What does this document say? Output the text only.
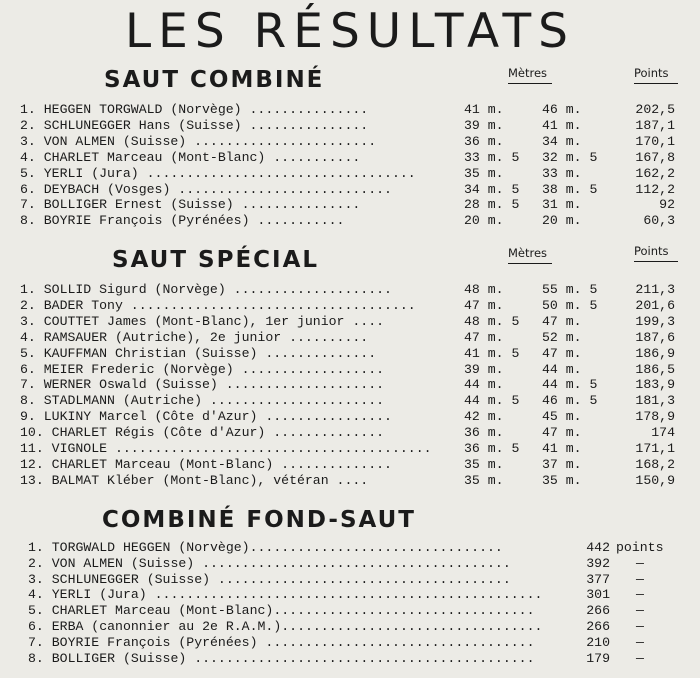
LES RÉSULTATS
SAUT COMBINÉ	Mètres	Points
1. HEGGEN TORGWALD (Norvège) ...............	41 m.	46 m.	202,5
2. SCHLUNEGGER Hans (Suisse) ...............	39 m.	41 m.	187,1
3. VON ALMEN (Suisse) .......................	36 m.	34 m.	170,1
4. CHARLET Marceau (Mont-Blanc) ...........	33 m. 5 32 m. 5	167,8
5. YERLI (Jura) ..................................	35 m.	33 m.	162,2
6. DEYBACH (Vosges) ...........................	34 m. 5 38 m. 5	112,2
7. BOLLIGER Ernest (Suisse) ...............	28 m. 5 31 m.	92
8. BOYRIE François (Pyrénées) ...........	20 m.	20 m.	60,3
SAUT SPÉCIAL	Mètres	Points
1. SOLLID Sigurd (Norvège) ....................	48 m.	55 m. 5	211,3
2. BADER Tony ....................................	47 m.	50 m. 5	201,6
3. COUTTET James (Mont-Blanc), 1er junior ....	48 m. 5 47 m.	199,3
4. RAMSAUER (Autriche), 2e junior ..........	47 m.	52 m.	187,6
5. KAUFFMAN Christian (Suisse) ..............	41 m. 5 47 m.	186,9
6. MEIER Frederic (Norvège) ..................	39 m.	44 m.	186,5
7. WERNER Oswald (Suisse) ....................	44 m.	44 m. 5	183,9
8. STADLMANN (Autriche) ......................	44 m. 5 46 m. 5	181,3
9. LUKINY Marcel (Côte d'Azur) ................	42 m.	45 m.	178,9
10. CHARLET Régis (Côte d'Azur) ..............	36 m.	47 m.	174
11. VIGNOLE ........................................	36 m. 5 41 m.	171,1
12. CHARLET Marceau (Mont-Blanc) ..............	35 m.	37 m.	168,2
13. BALMAT Kléber (Mont-Blanc), vétéran ....	35 m.	35 m.	150,9
COMBINÉ FOND-SAUT
1. TORGWALD HEGGEN (Norvège)................................	442 points
2. VON ALMEN (Suisse) .......................................	392 —
3. SCHLUNEGGER (Suisse) .....................................	377 —
4. YERLI (Jura) .................................................	301 —
5. CHARLET Marceau (Mont-Blanc).................................	266 —
6. ERBA (canonnier au 2e R.A.M.).................................	266 —
7. BOYRIE François (Pyrénées) ..................................	210 —
8. BOLLIGER (Suisse) ...........................................	179 —
